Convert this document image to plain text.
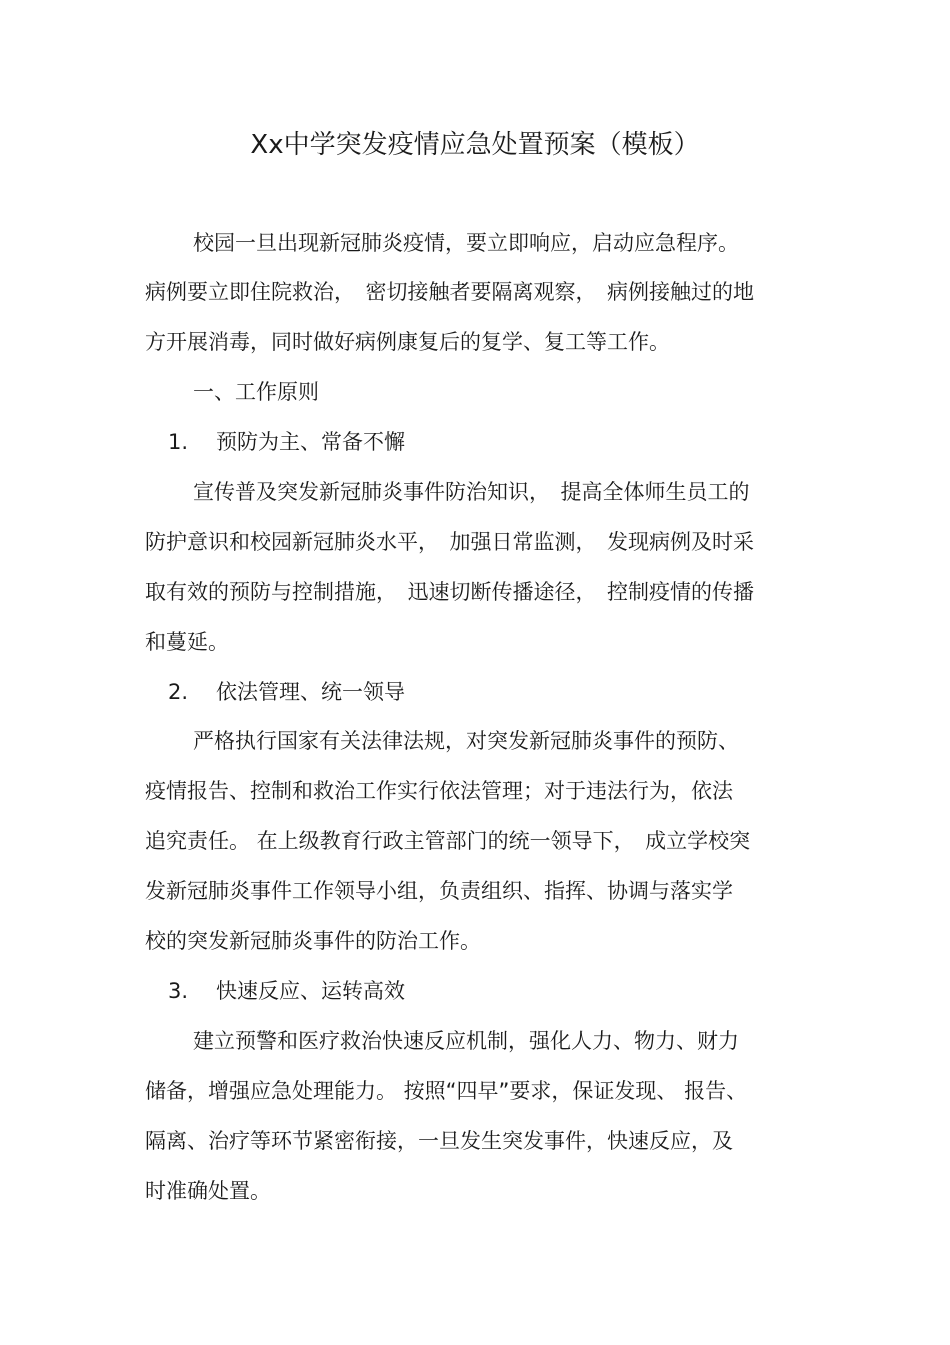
Xx中学突发疫情应急处置预案（模板）
校园一旦出现新冠肺炎疫情，要立即响应，启动应急程序。
病例要立即住院救治，　密切接触者要隔离观察，　病例接触过的地
方开展消毒，同时做好病例康复后的复学、复工等工作。
一、工作原则
1. 预防为主、常备不懈
宣传普及突发新冠肺炎事件防治知识，　提高全体师生员工的
防护意识和校园新冠肺炎水平，　加强日常监测，　发现病例及时采
取有效的预防与控制措施，　迅速切断传播途径，　控制疫情的传播
和蔓延。
2. 依法管理、统一领导
严格执行国家有关法律法规，对突发新冠肺炎事件的预防、
疫情报告、控制和救治工作实行依法管理；对于违法行为，依法
追究责任。 在上级教育行政主管部门的统一领导下，　成立学校突
发新冠肺炎事件工作领导小组，负责组织、指挥、协调与落实学
校的突发新冠肺炎事件的防治工作。
3. 快速反应、运转高效
建立预警和医疗救治快速反应机制，强化人力、物力、财力
储备，增强应急处理能力。 按照“四早”要求，保证发现、 报告、
隔离、治疗等环节紧密衔接，一旦发生突发事件，快速反应，及
时准确处置。
